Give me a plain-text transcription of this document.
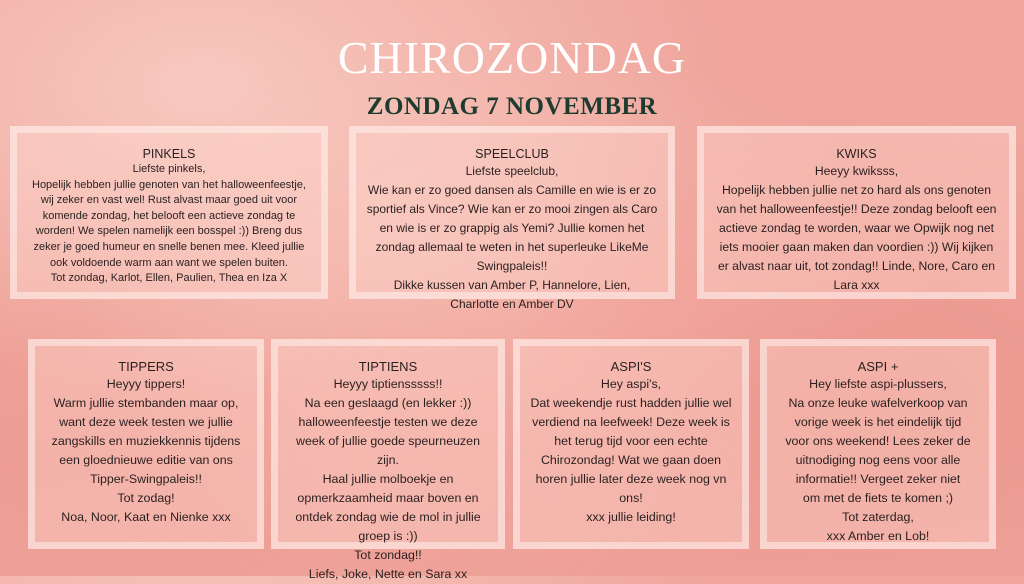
CHIROZONDAG
ZONDAG 7 NOVEMBER
PINKELS
Liefste pinkels,
Hopelijk hebben jullie genoten van het halloweenfeestje,
wij zeker en vast wel! Rust alvast maar goed uit voor
komende zondag, het belooft een actieve zondag te
worden! We spelen namelijk een bosspel :)) Breng dus
zeker je goed humeur en snelle benen mee. Kleed jullie
ook voldoende warm aan want we spelen buiten.
Tot zondag, Karlot, Ellen, Paulien, Thea en Iza X
SPEELCLUB
Liefste speelclub,
Wie kan er zo goed dansen als Camille en wie is er zo
sportief als Vince? Wie kan er zo mooi zingen als Caro
en wie is er zo grappig als Yemi? Jullie komen het
zondag allemaal te weten in het superleuke LikeMe
Swingpaleis!!
Dikke kussen van Amber P, Hannelore, Lien,
Charlotte en Amber DV
KWIKS
Heeyy kwiksss,
Hopelijk hebben jullie net zo hard als ons genoten
van het halloweenfeestje!! Deze zondag belooft een
actieve zondag te worden, waar we Opwijk nog net
iets mooier gaan maken dan voordien :)) Wij kijken
er alvast naar uit, tot zondag!! Linde, Nore, Caro en
Lara xxx
TIPPERS
Heyyy tippers!
Warm jullie stembanden maar op,
want deze week testen we jullie
zangskills en muziekkennis tijdens
een gloednieuwe editie van ons
Tipper-Swingpaleis!!
Tot zodag!
Noa, Noor, Kaat en Nienke xxx
TIPTIENS
Heyyy tiptiensssss!!
Na een geslaagd (en lekker :))
halloweenfeestje testen we deze
week of jullie goede speurneuzen zijn.
Haal jullie molboekje en
opmerkzaamheid maar boven en
ontdek zondag wie de mol in jullie
groep is :))
Tot zondag!!
Liefs, Joke, Nette en Sara xx
ASPI'S
Hey aspi's,
Dat weekendje rust hadden jullie wel
verdiend na leefweek! Deze week is
het terug tijd voor een echte
Chirozondag! Wat we gaan doen
horen jullie later deze week nog vn
ons!
xxx jullie leiding!
ASPI +
Hey liefste aspi-plussers,
Na onze leuke wafelverkoop van
vorige week is het eindelijk tijd
voor ons weekend! Lees zeker de
uitnodiging nog eens voor alle
informatie!! Vergeet zeker niet
om met de fiets te komen ;)
Tot zaterdag,
xxx Amber en Lob!
